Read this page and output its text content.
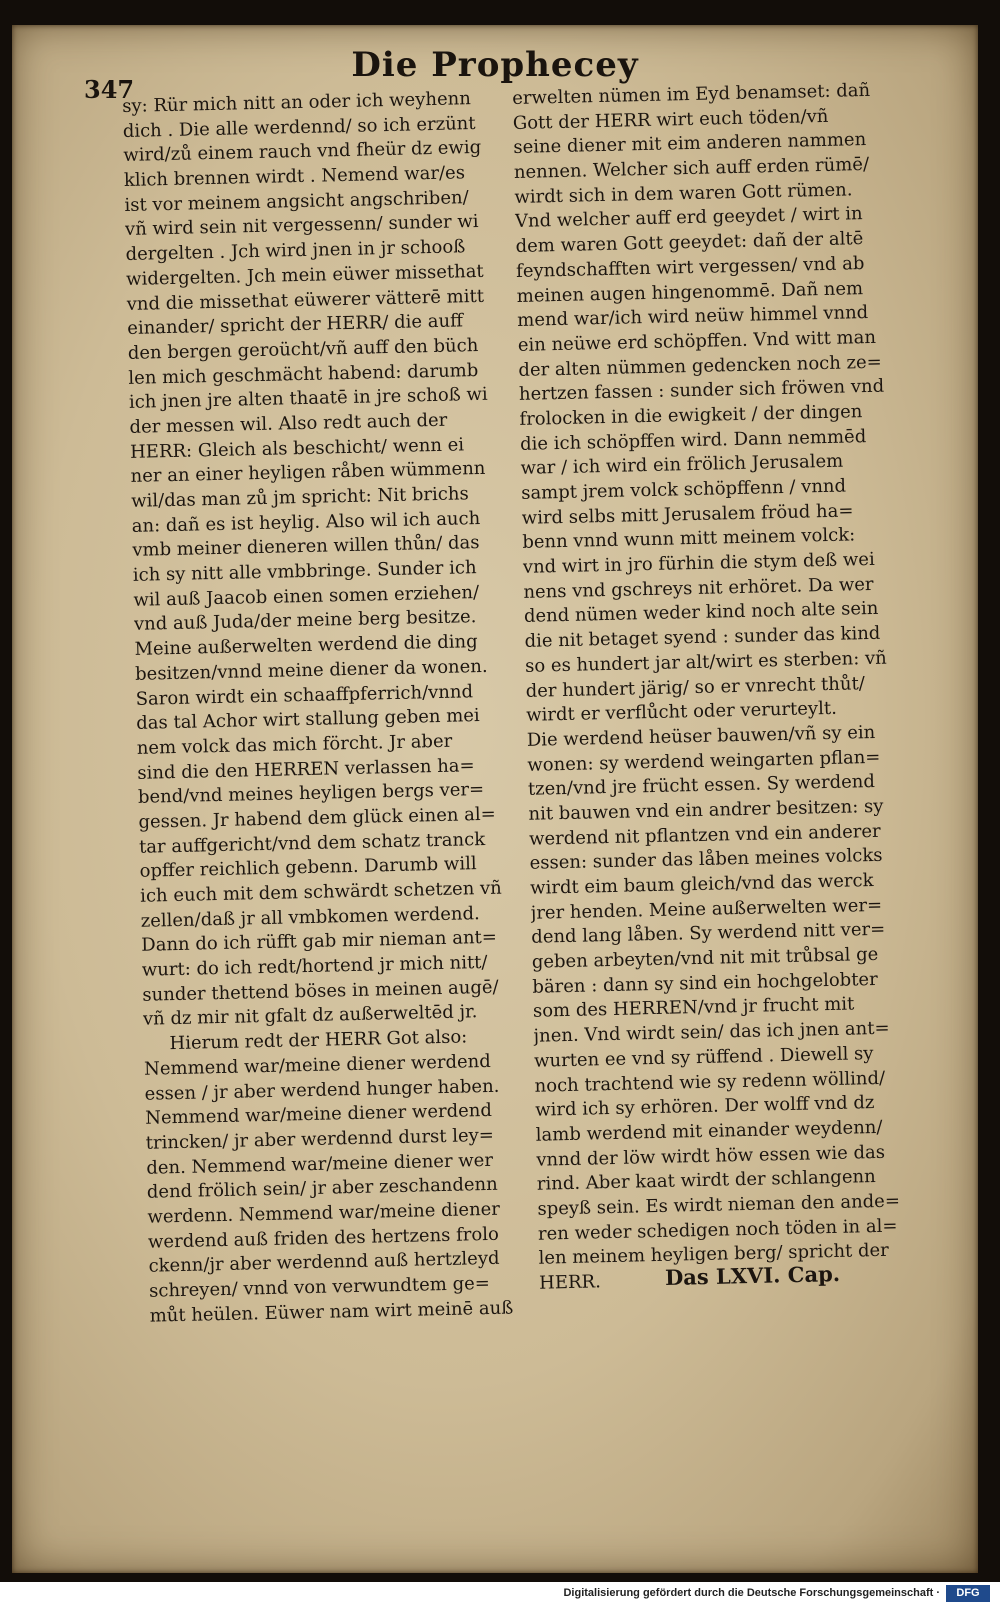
347
Die Prophecey
sy: Rür mich nitt an oder ich weyhenn
dich . Die alle werdennd/ so ich erzünt
wird/zů einem rauch vnd fheür dz ewig
klich brennen wirdt . Nemend war/es
ist vor meinem angsicht angschriben/
vñ wird sein nit vergessenn/ sunder wi
dergelten . Jch wird jnen in jr schooß
widergelten. Jch mein eüwer missethat
vnd die missethat eüwerer vätterē mitt
einander/ spricht der HERR/ die auff
den bergen geroücht/vñ auff den büch
len mich geschmächt habend: darumb
ich jnen jre alten thaatē in jre schoß wi
der messen wil. Also redt auch der
HERR: Gleich als beschicht/ wenn ei
ner an einer heyligen råben wümmenn
wil/das man zů jm spricht: Nit brichs
an: dañ es ist heylig. Also wil ich auch
vmb meiner dieneren willen thůn/ das
ich sy nitt alle vmbbringe. Sunder ich
wil auß Jaacob einen somen erziehen/
vnd auß Juda/der meine berg besitze.
Meine außerwelten werdend die ding
besitzen/vnnd meine diener da wonen.
Saron wirdt ein schaaffpferrich/vnnd
das tal Achor wirt stallung geben mei
nem volck das mich förcht. Jr aber
sind die den HERREN verlassen ha=
bend/vnd meines heyligen bergs ver=
gessen. Jr habend dem glück einen al=
tar auffgericht/vnd dem schatz tranck
opffer reichlich gebenn. Darumb will
ich euch mit dem schwärdt schetzen vñ
zellen/daß jr all vmbkomen werdend.
Dann do ich rüfft gab mir nieman ant=
wurt: do ich redt/hortend jr mich nitt/
sunder thettend böses in meinen augē/
vñ dz mir nit gfalt dz außerweltēd jr.
Hierum redt der HERR Got also:
Nemmend war/meine diener werdend
essen / jr aber werdend hunger haben.
Nemmend war/meine diener werdend
trincken/ jr aber werdennd durst ley=
den. Nemmend war/meine diener wer
dend frölich sein/ jr aber zeschandenn
werdenn. Nemmend war/meine diener
werdend auß friden des hertzens frolo
ckenn/jr aber werdennd auß hertzleyd
schreyen/ vnnd von verwundtem ge=
můt heülen. Eüwer nam wirt meinē auß
erwelten nümen im Eyd benamset: dañ
Gott der HERR wirt euch töden/vñ
seine diener mit eim anderen nammen
nennen. Welcher sich auff erden rümē/
wirdt sich in dem waren Gott rümen.
Vnd welcher auff erd geeydet / wirt in
dem waren Gott geeydet: dañ der altē
feyndschafften wirt vergessen/ vnd ab
meinen augen hingenommē. Dañ nem
mend war/ich wird neüw himmel vnnd
ein neüwe erd schöpffen. Vnd witt man
der alten nümmen gedencken noch ze=
hertzen fassen : sunder sich fröwen vnd
frolocken in die ewigkeit / der dingen
die ich schöpffen wird. Dann nemmēd
war / ich wird ein frölich Jerusalem
sampt jrem volck schöpffenn / vnnd
wird selbs mitt Jerusalem fröud ha=
benn vnnd wunn mitt meinem volck:
vnd wirt in jro fürhin die stym deß wei
nens vnd gschreys nit erhöret. Da wer
dend nümen weder kind noch alte sein
die nit betaget syend : sunder das kind
so es hundert jar alt/wirt es sterben: vñ
der hundert järig/ so er vnrecht thůt/
wirdt er verflůcht oder verurteylt.
Die werdend heüser bauwen/vñ sy ein
wonen: sy werdend weingarten pflan=
tzen/vnd jre frücht essen. Sy werdend
nit bauwen vnd ein andrer besitzen: sy
werdend nit pflantzen vnd ein anderer
essen: sunder das låben meines volcks
wirdt eim baum gleich/vnd das werck
jrer henden. Meine außerwelten wer=
dend lang låben. Sy werdend nitt ver=
geben arbeyten/vnd nit mit trůbsal ge
bären : dann sy sind ein hochgelobter
som des HERREN/vnd jr frucht mit
jnen. Vnd wirdt sein/ das ich jnen ant=
wurten ee vnd sy rüffend . Diewell sy
noch trachtend wie sy redenn wöllind/
wird ich sy erhören. Der wolff vnd dz
lamb werdend mit einander weydenn/
vnnd der löw wirdt höw essen wie das
rind. Aber kaat wirdt der schlangenn
speyß sein. Es wirdt nieman den ande=
ren weder schedigen noch töden in al=
len meinem heyligen berg/ spricht der
HERR.	Das LXVI. Cap.

Digitalisierung gefördert durch die Deutsche Forschungsgemeinschaft ·	DFG
